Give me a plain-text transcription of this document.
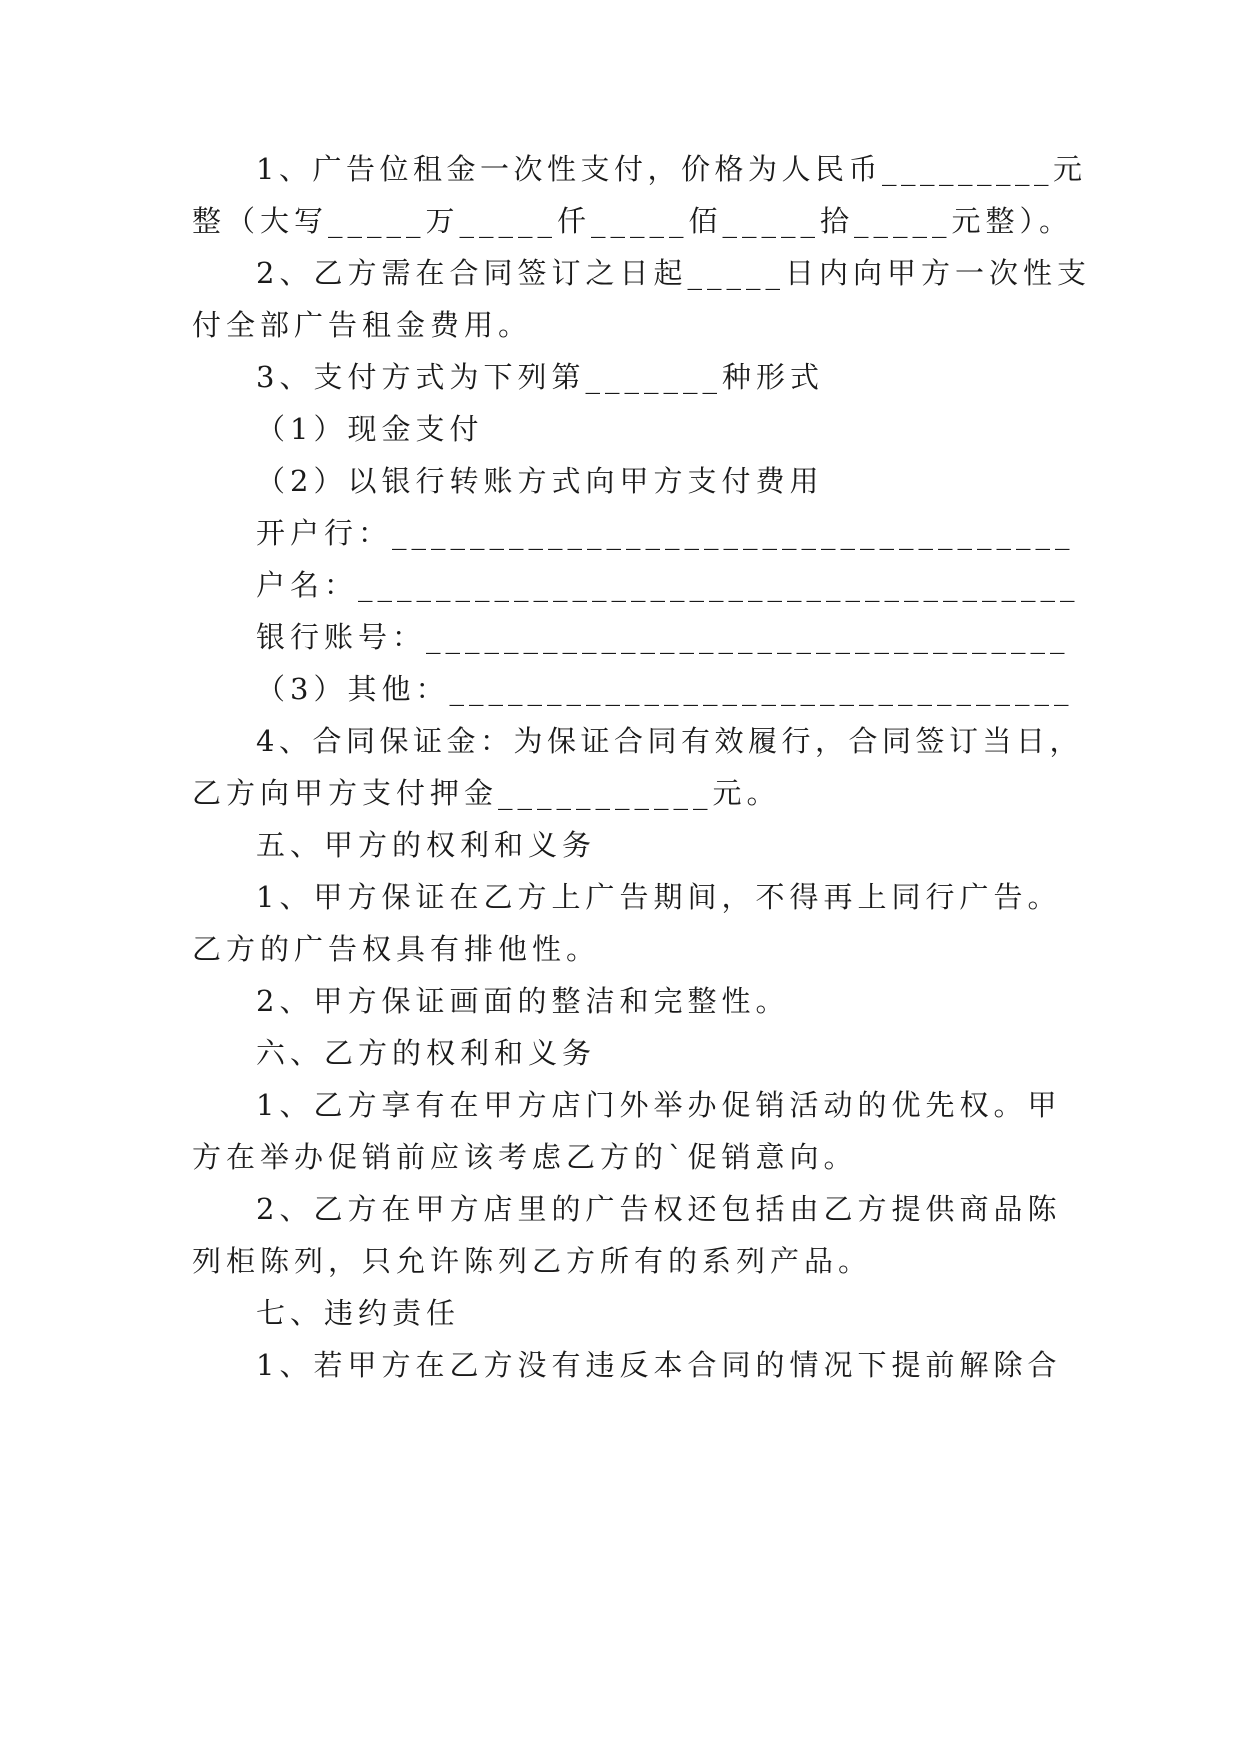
1、广告位租金一次性支付，价格为人民币_________元
整（大写_____万_____仟_____佰_____拾_____元整）。
2、乙方需在合同签订之日起_____日内向甲方一次性支
付全部广告租金费用。
3、支付方式为下列第_______种形式
（1）现金支付
（2）以银行转账方式向甲方支付费用
开户行：___________________________________
户名：_____________________________________
银行账号：_________________________________
（3）其他：________________________________
4、合同保证金：为保证合同有效履行，合同签订当日，
乙方向甲方支付押金___________元。
五、甲方的权利和义务
1、甲方保证在乙方上广告期间，不得再上同行广告。
乙方的广告权具有排他性。
2、甲方保证画面的整洁和完整性。
六、乙方的权利和义务
1、乙方享有在甲方店门外举办促销活动的优先权。甲
方在举办促销前应该考虑乙方的`促销意向。
2、乙方在甲方店里的广告权还包括由乙方提供商品陈
列柜陈列，只允许陈列乙方所有的系列产品。
七、违约责任
1、若甲方在乙方没有违反本合同的情况下提前解除合
